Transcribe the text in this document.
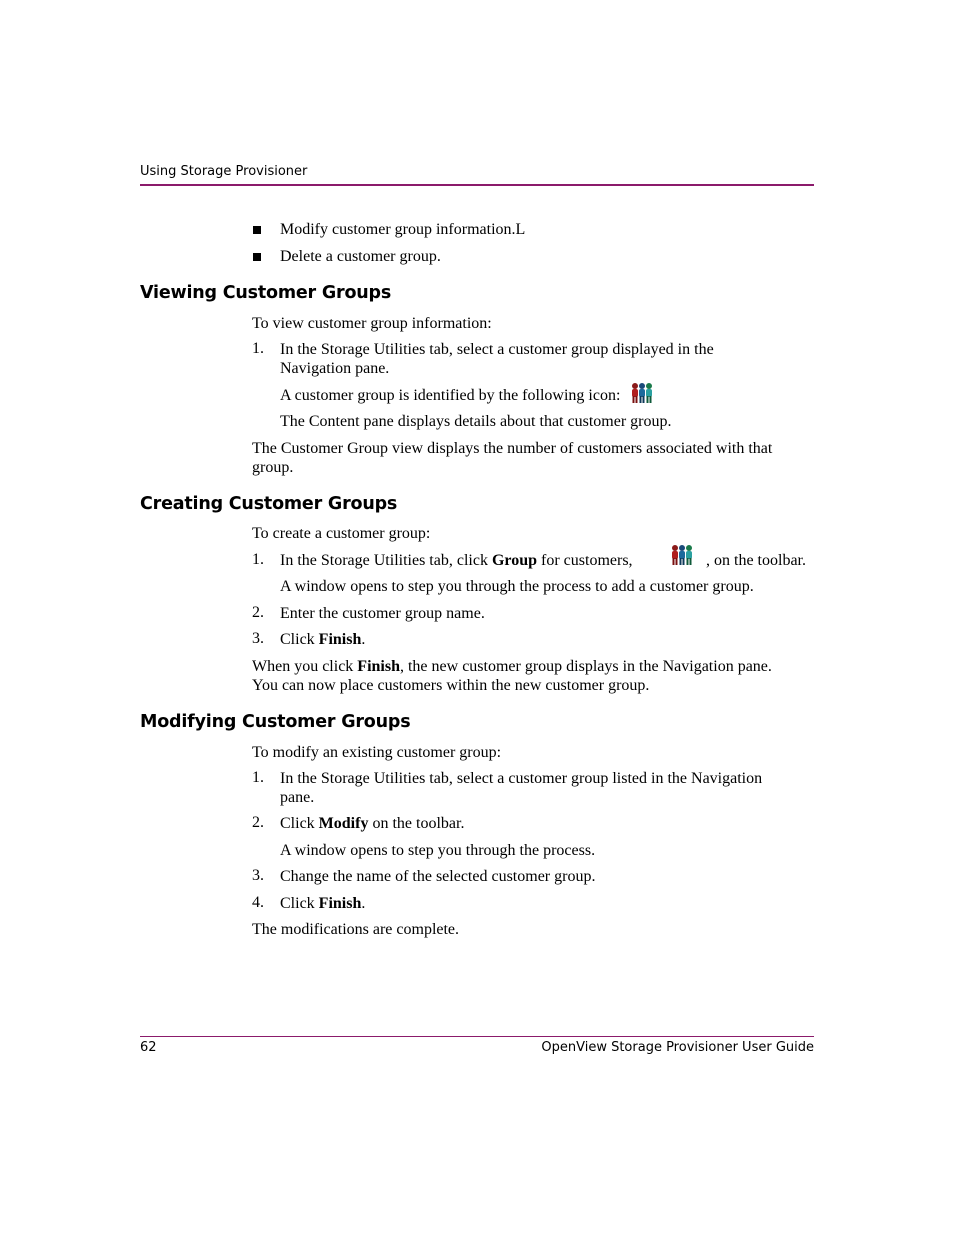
Using Storage Provisioner
Modify customer group information.L
Delete a customer group.
Viewing Customer Groups
To view customer group information:
1. In the Storage Utilities tab, select a customer group displayed in the
Navigation pane.
A customer group is identified by the following icon:
The Content pane displays details about that customer group.
The Customer Group view displays the number of customers associated with that
group.
Creating Customer Groups
To create a customer group:
1. In the Storage Utilities tab, click Group for customers,	, on the toolbar.
A window opens to step you through the process to add a customer group.
2. Enter the customer group name.
3. Click Finish.
When you click Finish, the new customer group displays in the Navigation pane.
You can now place customers within the new customer group.
Modifying Customer Groups
To modify an existing customer group:
1. In the Storage Utilities tab, select a customer group listed in the Navigation
pane.
2. Click Modify on the toolbar.
A window opens to step you through the process.
3. Change the name of the selected customer group.
4. Click Finish.
The modifications are complete.
62	OpenView Storage Provisioner User Guide
